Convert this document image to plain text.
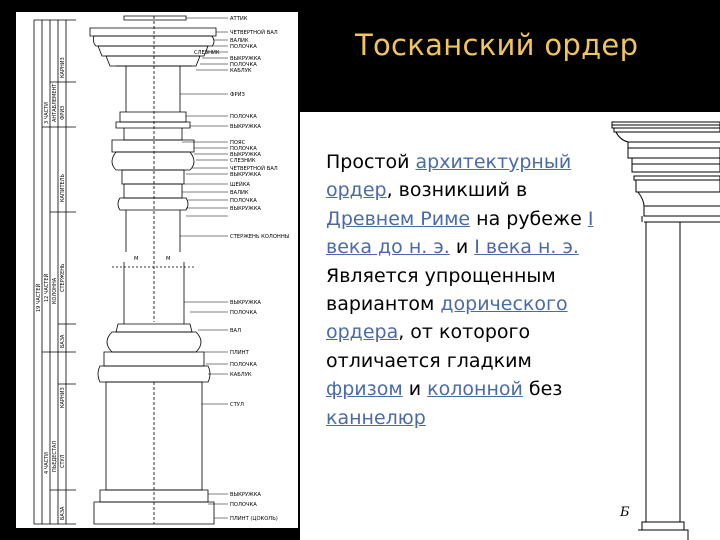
АТТИК
ЧЕТВЕРТНОЙ ВАЛ
ВАЛИК
ПОЛОЧКА
СЛЕЗНИК
ВЫКРУЖКА
ПОЛОЧКА
КАБЛУК
ФРИЗ
ПОЛОЧКА
ВЫКРУЖКА
ПОЯС
ПОЛОЧКА
ВЫКРУЖКА
СЛЕЗНИК
ЧЕТВЕРТНОЙ ВАЛ
ВЫКРУЖКА
ШЕЙКА
ВАЛИК
ПОЛОЧКА
ВЫКРУЖКА
СТЕРЖЕНЬ КОЛОННЫ
ВЫКРУЖКА
ПОЛОЧКА
ВАЛ
ПЛИНТ
ПОЛОЧКА
КАБЛУК
СТУЛ
ВЫКРУЖКА
ПОЛОЧКА
ПЛИНТ (ЦОКОЛЬ)
М	М
КАРНИЗ
ФРИЗ
АНТАБЛЕМЕНТ
3 ЧАСТИ
КАПИТЕЛЬ
СТЕРЖЕНЬ
12 ЧАСТЕЙ КОЛОННА
БАЗА
КАРНИЗ
СТУЛ
ПЬЕДЕСТАЛ
4 ЧАСТИ
БАЗА
19 ЧАСТЕЙ
Тосканский ордер
Простой архитектурный ордер, возникший в Древнем Риме на рубеже I века до н. э. и I века н. э. Является упрощенным вариантом дорического ордера, от которого отличается гладким фризом и колонной без каннелюр
Б
